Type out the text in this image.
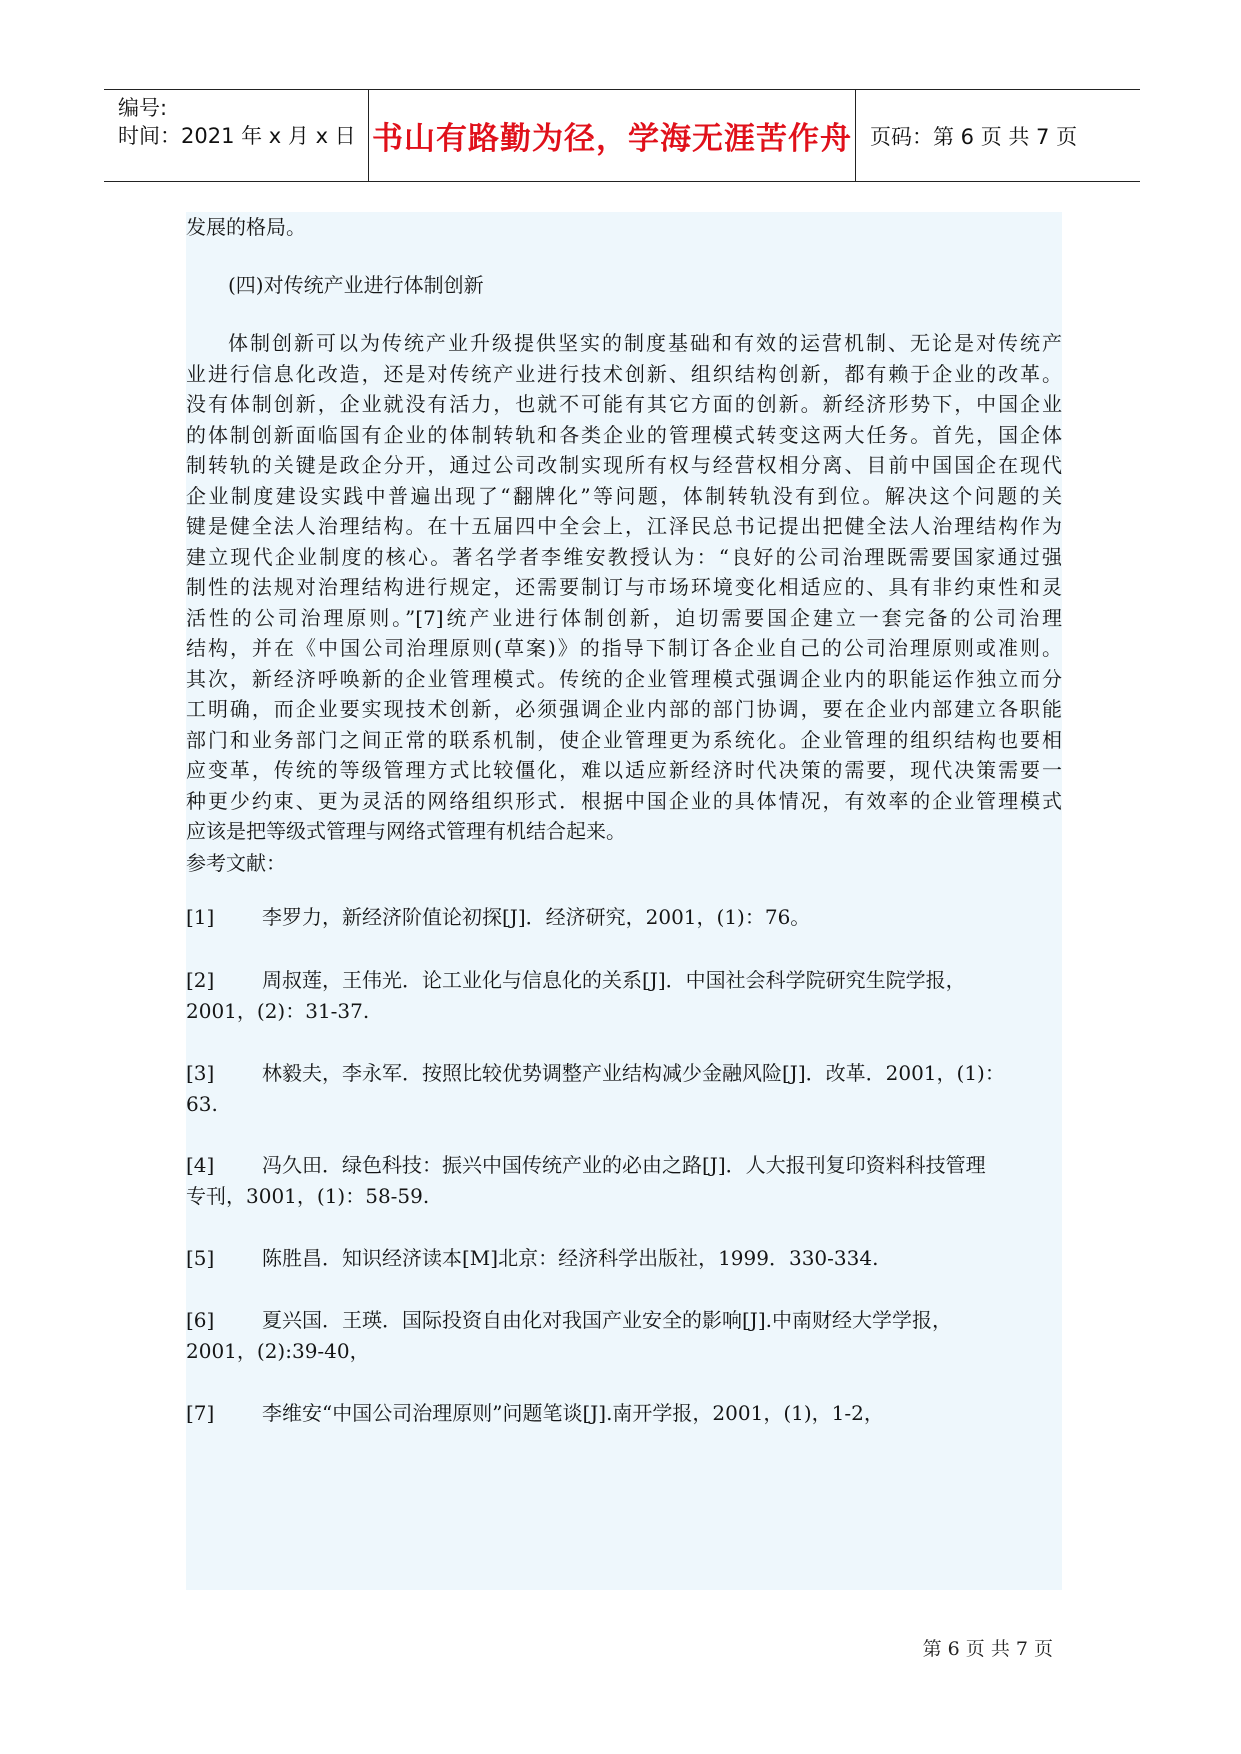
编号:
时间：2021 年 x 月 x 日 书山有路勤为径，学海无涯苦作舟 页码：第 6 页 共 7 页
发展的格局。
(四)对传统产业进行体制创新
体制创新可以为传统产业升级提供坚实的制度基础和有效的运营机制、无论是对传统产
业进行信息化改造，还是对传统产业进行技术创新、组织结构创新，都有赖于企业的改革。
没有体制创新，企业就没有活力，也就不可能有其它方面的创新。新经济形势下，中国企业
的体制创新面临国有企业的体制转轨和各类企业的管理模式转变这两大任务。首先，国企体
制转轨的关键是政企分开，通过公司改制实现所有权与经营权相分离、目前中国国企在现代
企业制度建设实践中普遍出现了“翻牌化”等问题，体制转轨没有到位。解决这个问题的关
键是健全法人治理结构。在十五届四中全会上，江泽民总书记提出把健全法人治理结构作为
建立现代企业制度的核心。著名学者李维安教授认为：“良好的公司治理既需要国家通过强
制性的法规对治理结构进行规定，还需要制订与市场环境变化相适应的、具有非约束性和灵
活性的公司治理原则。”[7]统产业进行体制创新，迫切需要国企建立一套完备的公司治理
结构，并在《中国公司治理原则(草案)》的指导下制订各企业自己的公司治理原则或准则。
其次，新经济呼唤新的企业管理模式。传统的企业管理模式强调企业内的职能运作独立而分
工明确，而企业要实现技术创新，必须强调企业内部的部门协调，要在企业内部建立各职能
部门和业务部门之间正常的联系机制，使企业管理更为系统化。企业管理的组织结构也要相
应变革，传统的等级管理方式比较僵化，难以适应新经济时代决策的需要，现代决策需要一
种更少约束、更为灵活的网络组织形式．根据中国企业的具体情况，有效率的企业管理模式
应该是把等级式管理与网络式管理有机结合起来。
参考文献：
[1] 李罗力，新经济阶值论初探[J]．经济研究，2001，(1)：76。
[2] 周叔莲，王伟光．论工业化与信息化的关系[J]．中国社会科学院研究生院学报，
2001，(2)：31-37.
[3] 林毅夫，李永军．按照比较优势调整产业结构减少金融风险[J]．改革．2001，(1)：
63.
[4] 冯久田．绿色科技：振兴中国传统产业的必由之路[J]．人大报刊复印资料科技管理
专刊，3001，(1)：58-59.
[5] 陈胜昌．知识经济读本[M]北京：经济科学出版社，1999．330-334.
[6] 夏兴国．王瑛．国际投资自由化对我国产业安全的影响[J].中南财经大学学报，
2001，(2):39-40，
[7] 李维安“中国公司治理原则”问题笔谈[J].南开学报，2001，(1)，1-2，
第 6 页 共 7 页
